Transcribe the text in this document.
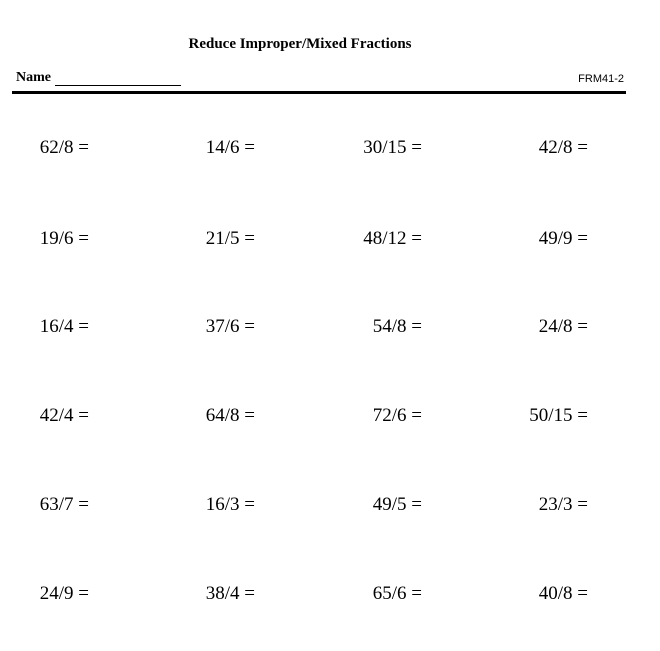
Reduce Improper/Mixed Fractions
Name	FRM41-2
62/8 =	14/6 =	30/15 =	42/8 =
19/6 =	21/5 =	48/12 =	49/9 =
16/4 =	37/6 =	54/8 =	24/8 =
42/4 =	64/8 =	72/6 =	50/15 =
63/7 =	16/3 =	49/5 =	23/3 =
24/9 =	38/4 =	65/6 =	40/8 =
